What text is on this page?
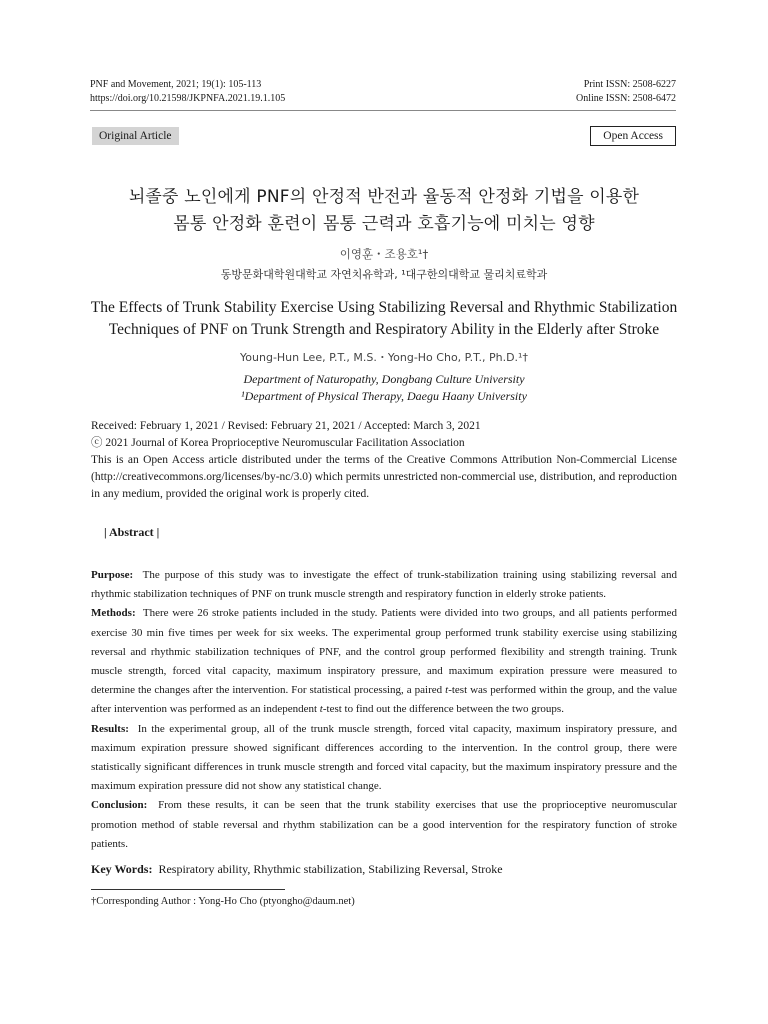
PNF and Movement, 2021; 19(1): 105-113
https://doi.org/10.21598/JKPNFA.2021.19.1.105
Print ISSN: 2508-6227
Online ISSN: 2508-6472
Original Article	Open Access
뇌졸중 노인에게 PNF의 안정적 반전과 율동적 안정화 기법을 이용한
몸통 안정화 훈련이 몸통 근력과 호흡기능에 미치는 영향
이영훈・조용호¹†
동방문화대학원대학교 자연치유학과, ¹대구한의대학교 물리치료학과
The Effects of Trunk Stability Exercise Using Stabilizing Reversal and Rhythmic Stabilization
Techniques of PNF on Trunk Strength and Respiratory Ability in the Elderly after Stroke
Young-Hun Lee, P.T., M.S.・Yong-Ho Cho, P.T., Ph.D.¹†
Department of Naturopathy, Dongbang Culture University
¹Department of Physical Therapy, Daegu Haany University
Received: February 1, 2021 / Revised: February 21, 2021 / Accepted: March 3, 2021
ⓒ 2021 Journal of Korea Proprioceptive Neuromuscular Facilitation Association
This is an Open Access article distributed under the terms of the Creative Commons Attribution Non-Commercial License (http://creativecommons.org/licenses/by-nc/3.0) which permits unrestricted non-commercial use, distribution, and reproduction in any medium, provided the original work is properly cited.
| Abstract |

Purpose: The purpose of this study was to investigate the effect of trunk-stabilization training using stabilizing reversal and rhythmic stabilization techniques of PNF on trunk muscle strength and respiratory function in elderly stroke patients.

Methods: There were 26 stroke patients included in the study. Patients were divided into two groups, and all patients performed exercise 30 min five times per week for six weeks. The experimental group performed trunk stability exercise using stabilizing reversal and rhythmic stabilization techniques of PNF, and the control group performed flexibility and strength training. Trunk muscle strength, forced vital capacity, maximum inspiratory pressure, and maximum expiration pressure were measured to determine the changes after the intervention. For statistical processing, a paired t-test was performed within the group, and the value after intervention was performed as an independent t-test to find out the difference between the two groups.

Results: In the experimental group, all of the trunk muscle strength, forced vital capacity, maximum inspiratory pressure, and maximum expiration pressure showed significant differences according to the intervention. In the control group, there were statistically significant differences in trunk muscle strength and forced vital capacity, but the maximum inspiratory pressure and the maximum expiration pressure did not show any statistical change.

Conclusion: From these results, it can be seen that the trunk stability exercises that use the proprioceptive neuromuscular promotion method of stable reversal and rhythm stabilization can be a good intervention for the respiratory function of stroke patients.

Key Words: Respiratory ability, Rhythmic stabilization, Stabilizing Reversal, Stroke
†Corresponding Author : Yong-Ho Cho (ptyongho@daum.net)
